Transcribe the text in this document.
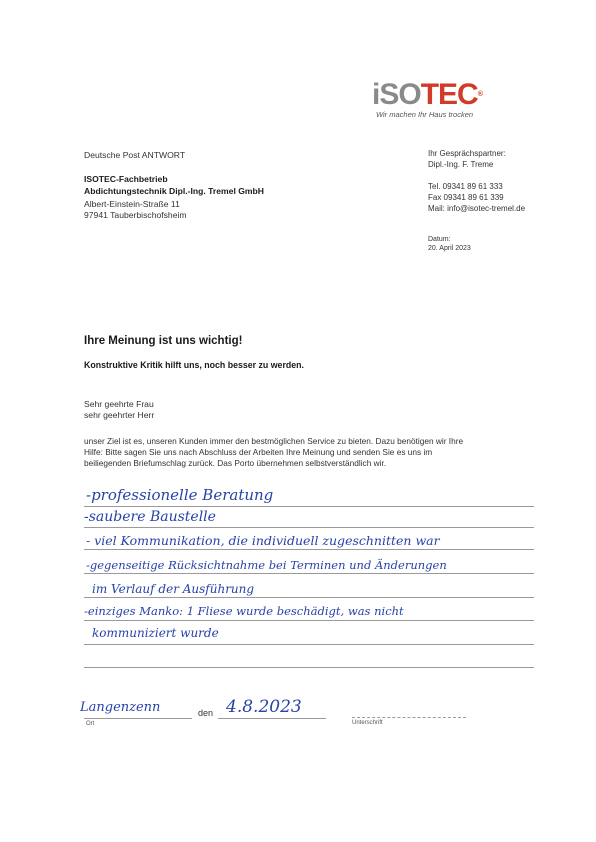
iSOTEC®
Wir machen Ihr Haus trocken
Deutsche Post ANTWORT
ISOTEC-Fachbetrieb
Abdichtungstechnik Dipl.-Ing. Tremel GmbH
Albert-Einstein-Straße 11
97941 Tauberbischofsheim
Ihr Gesprächspartner:
Dipl.-Ing. F. Treme
Tel. 09341 89 61 333
Fax 09341 89 61 339
Mail: info@isotec-tremel.de
Datum:
20. April 2023
Ihre Meinung ist uns wichtig!
Konstruktive Kritik hilft uns, noch besser zu werden.
Sehr geehrte Frau
sehr geehrter Herr
unser Ziel ist es, unseren Kunden immer den bestmöglichen Service zu bieten. Dazu benötigen wir Ihre
Hilfe: Bitte sagen Sie uns nach Abschluss der Arbeiten Ihre Meinung und senden Sie es uns im
beiliegenden Briefumschlag zurück. Das Porto übernehmen selbstverständlich wir.
-professionelle Beratung
-saubere Baustelle
- viel Kommunikation, die individuell zugeschnitten war
-gegenseitige Rücksichtnahme bei Terminen und Änderungen
im Verlauf der Ausführung
-einziges Manko: 1 Fliese wurde beschädigt, was nicht
kommuniziert wurde
Langenzenn	den 4.8.2023
Ort	Unterschrift
